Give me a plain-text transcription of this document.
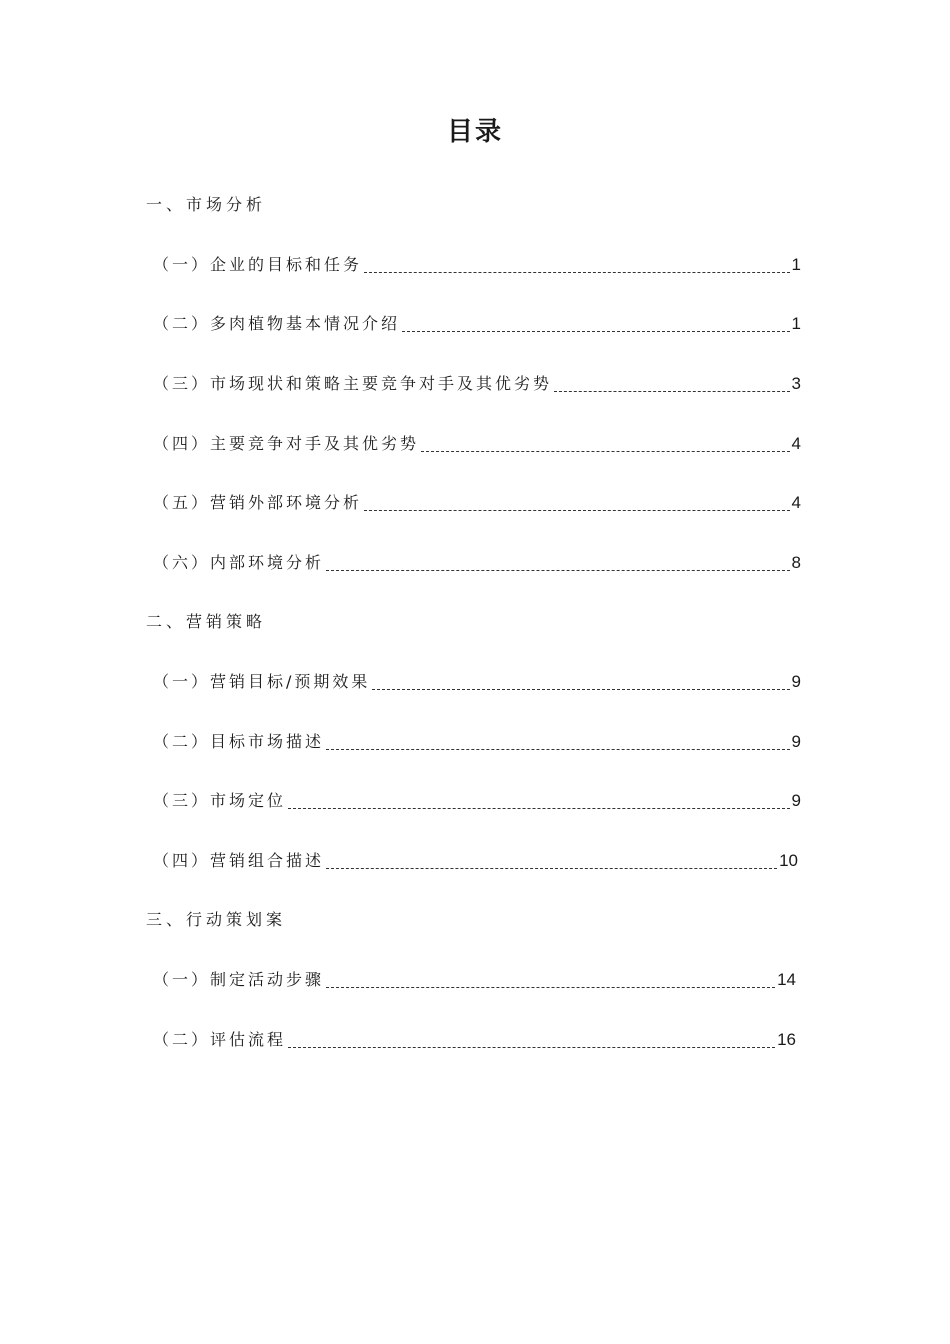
目录
一、市场分析
（一）企业的目标和任务	1
（二）多肉植物基本情况介绍	1
（三）市场现状和策略主要竞争对手及其优劣势	3
（四）主要竞争对手及其优劣势	4
（五）营销外部环境分析	4
（六）内部环境分析	8
二、营销策略
（一）营销目标/预期效果	9
（二）目标市场描述	9
（三）市场定位	9
（四）营销组合描述	10
三、行动策划案
（一）制定活动步骤	14
（二）评估流程	16
